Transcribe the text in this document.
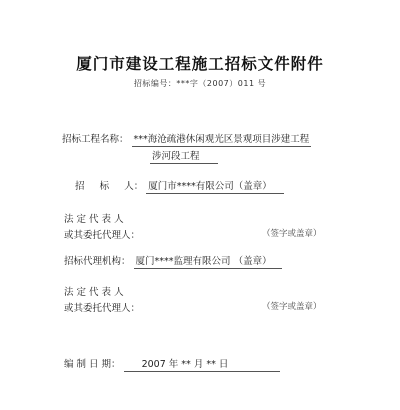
厦门市建设工程施工招标文件附件
招标编号：***字（2007）011 号
招标工程名称： ***海沧疏港休闲观光区景观项目涉建工程
涉河段工程
招     标     人： 厦门市****有限公司（盖章）
法 定 代 表 人
或其委托代理人：	（签字或盖章）
招标代理机构： 厦门****监理有限公司 （盖章）
法 定 代 表 人
或其委托代理人：	（签字或盖章）
编 制 日 期： 2007 年 ** 月 ** 日
